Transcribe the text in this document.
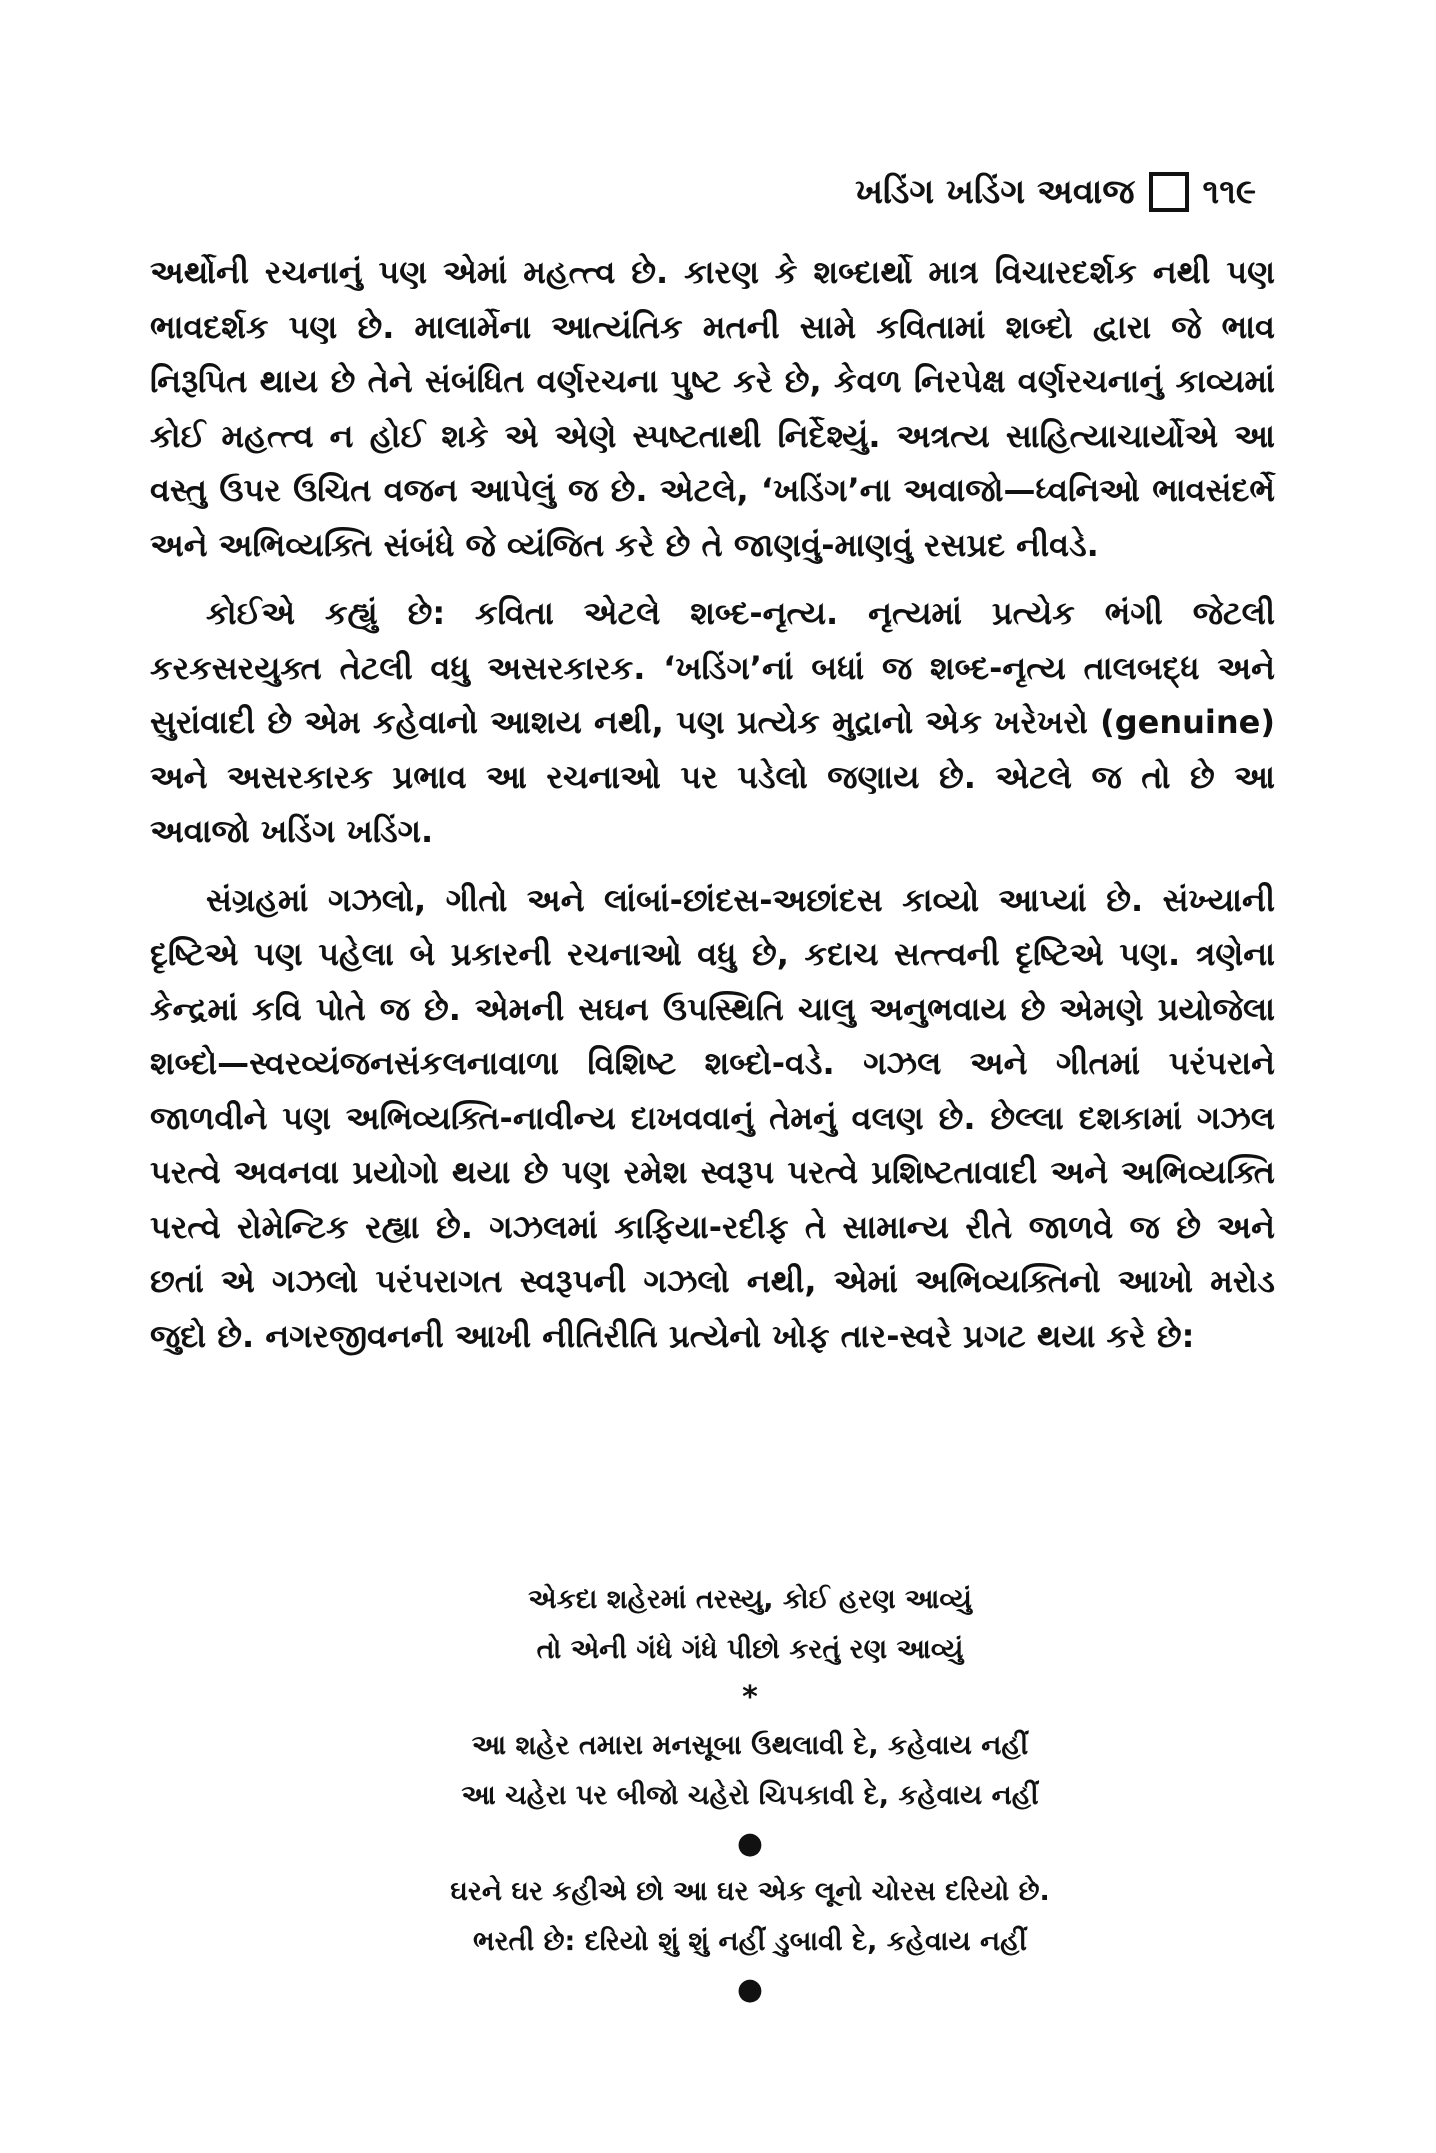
ખડિંગ ખડિંગ અવાજ ૧૧૯

અર્થોની રચનાનું પણ એમાં મહત્ત્વ છે. કારણ કે શબ્દાર્થો માત્ર વિચારદર્શક નથી પણ ભાવદર્શક પણ છે. માલાર્મેના આત્યંતિક મતની સામે કવિતામાં શબ્દો દ્વારા જે ભાવ નિરૂપિત થાય છે તેને સંબંધિત વર્ણરચના પુષ્ટ કરે છે, કેવળ નિરપેક્ષ વર્ણરચનાનું કાવ્યમાં કોઈ મહત્ત્વ ન હોઈ શકે એ એણે સ્પષ્ટતાથી નિર્દેશ્યું. અત્રત્ય સાહિત્યાચાર્યોએ આ વસ્તુ ઉપર ઉચિત વજન આપેલું જ છે. એટલે, ‘ખડિંગ’ના અવાજો—ધ્વનિઓ ભાવસંદર્ભે અને અભિવ્યક્તિ સંબંધે જે વ્યંજિત કરે છે તે જાણવું-માણવું રસપ્રદ નીવડે.

કોઈએ કહ્યું છે: કવિતા એટલે શબ્દ-નૃત્ય. નૃત્યમાં પ્રત્યેક ભંગી જેટલી કરકસરયુક્ત તેટલી વધુ અસરકારક. ‘ખડિંગ’નાં બધાં જ શબ્દ-નૃત્ય તાલબદ્ધ અને સુરાંવાદી છે એમ કહેવાનો આશય નથી, પણ પ્રત્યેક મુદ્રાનો એક ખરેખરો (genuine) અને અસરકારક પ્રભાવ આ રચનાઓ પર પડેલો જણાય છે. એટલે જ તો છે આ અવાજો ખડિંગ ખડિંગ.

સંગ્રહમાં ગઝલો, ગીતો અને લાંબાં-છાંદસ-અછાંદસ કાવ્યો આપ્યાં છે. સંખ્યાની દૃષ્ટિએ પણ પહેલા બે પ્રકારની રચનાઓ વધુ છે, કદાચ સત્ત્વની દૃષ્ટિએ પણ. ત્રણેના કેન્દ્રમાં કવિ પોતે જ છે. એમની સઘન ઉપસ્થિતિ ચાલુ અનુભવાય છે એમણે પ્રયોજેલા શબ્દો—સ્વરવ્યંજનસંકલનાવાળા વિશિષ્ટ શબ્દો-વડે. ગઝલ અને ગીતમાં પરંપરાને જાળવીને પણ અભિવ્યક્તિ-નાવીન્ય દાખવવાનું તેમનું વલણ છે. છેલ્લા દશકામાં ગઝલ પરત્વે અવનવા પ્રયોગો થયા છે પણ રમેશ સ્વરૂપ પરત્વે પ્રશિષ્ટતાવાદી અને અભિવ્યક્તિ પરત્વે રોમેન્ટિક રહ્યા છે. ગઝલમાં કાફિયા-રદીફ તે સામાન્ય રીતે જાળવે જ છે અને છતાં એ ગઝલો પરંપરાગત સ્વરૂપની ગઝલો નથી, એમાં અભિવ્યક્તિનો આખો મરોડ જુદો છે. નગરજીવનની આખી નીતિરીતિ પ્રત્યેનો ખોફ તાર-સ્વરે પ્રગટ થયા કરે છે:

એકદા શહેરમાં તરસ્યુ, કોઈ હરણ આવ્યું
તો એની ગંધે ગંધે પીછો કરતું રણ આવ્યું
*
આ શહેર તમારા મનસૂબા ઉથલાવી દે, કહેવાય નહીં
આ ચહેરા પર બીજો ચહેરો ચિપકાવી દે, કહેવાય નહીં
●
ઘરને ઘર કહીએ છો આ ઘર એક લૂનો ચોરસ દરિયો છે.
ભરતી છે: દરિયો શું શું નહીં ડુબાવી દે, કહેવાય નહીં
●
